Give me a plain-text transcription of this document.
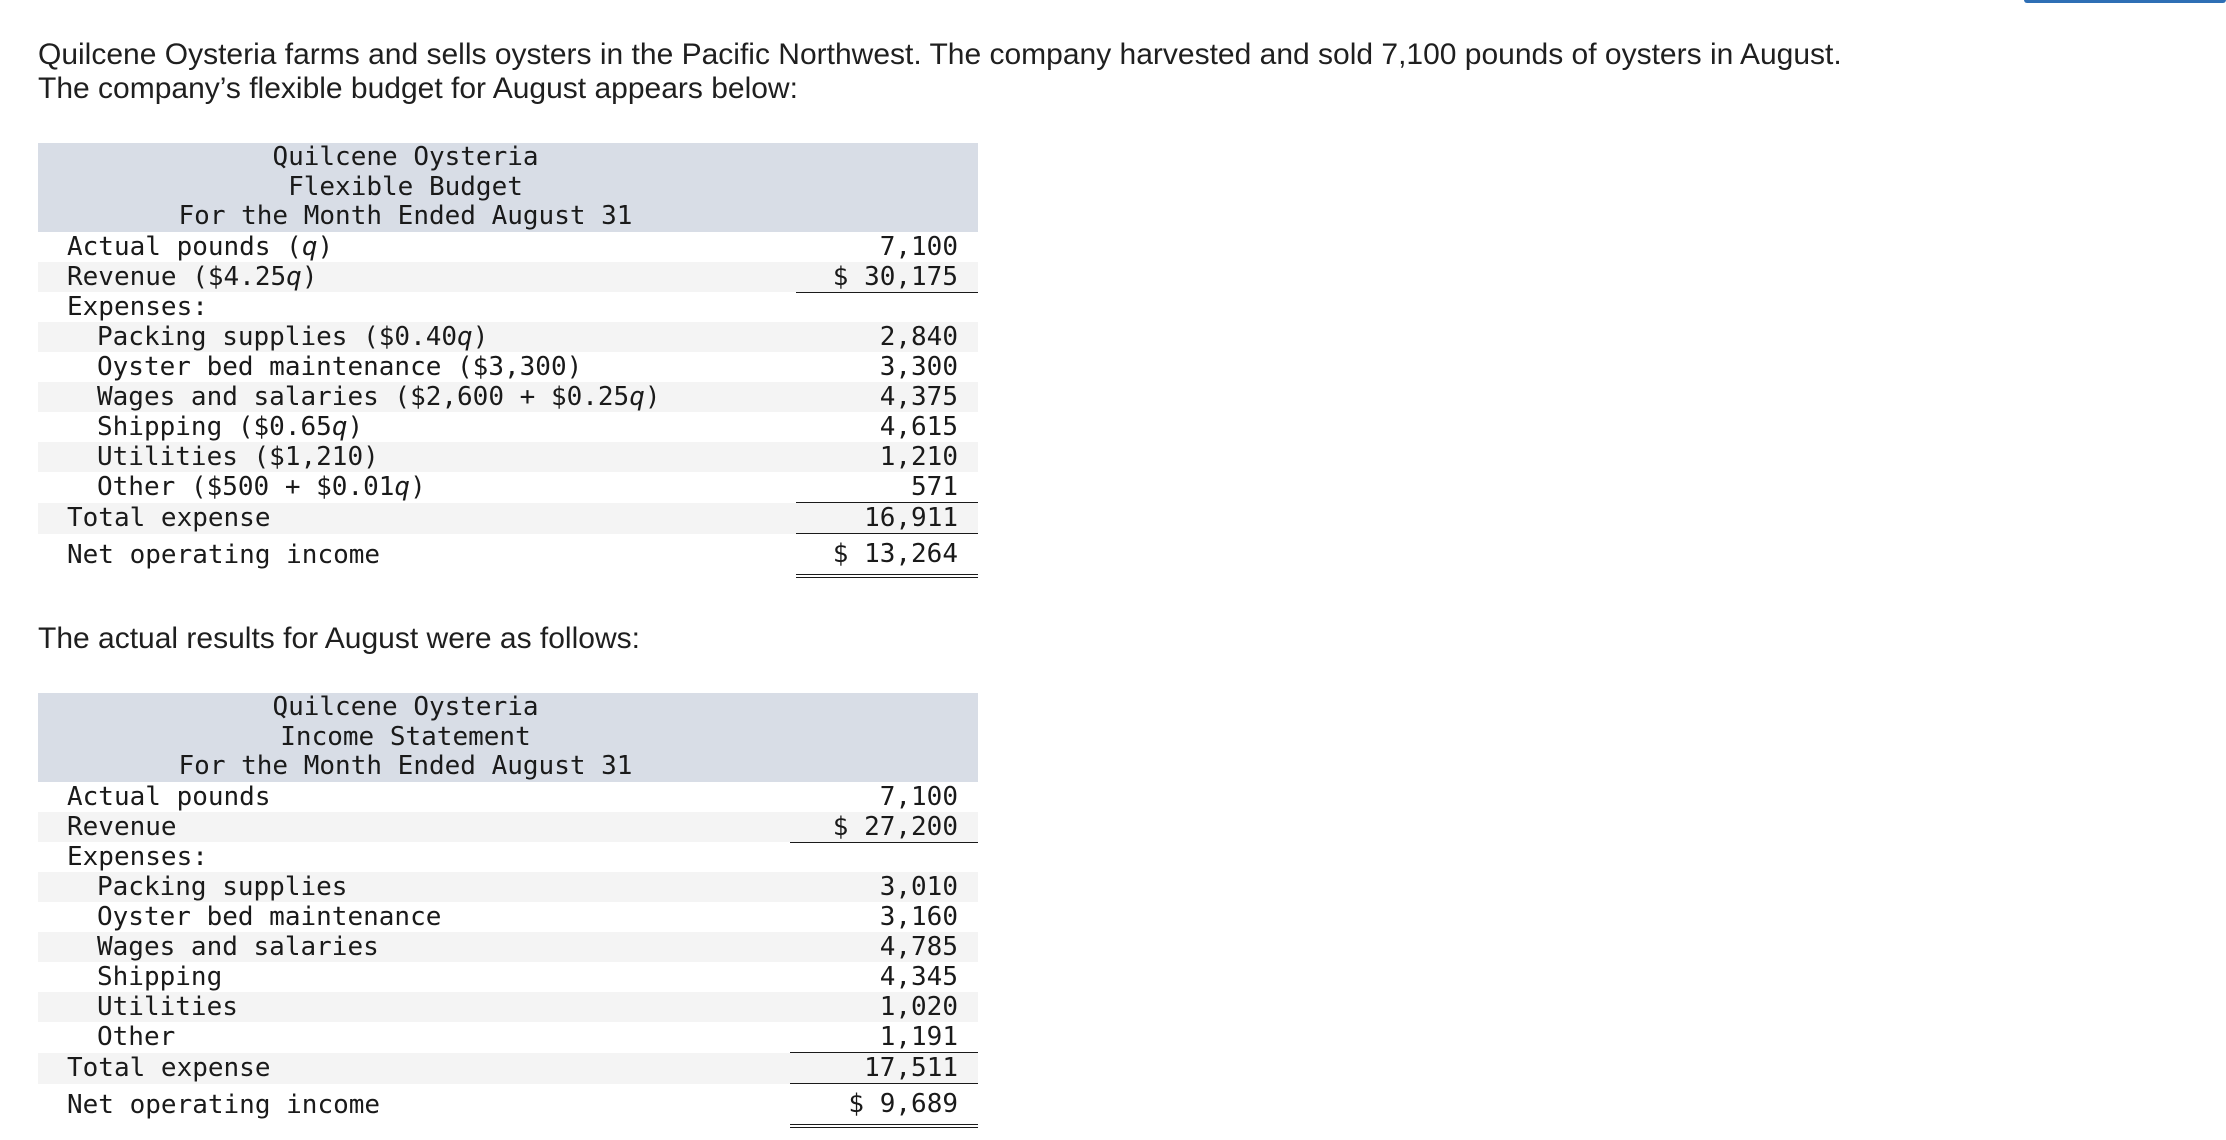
Quilcene Oysteria farms and sells oysters in the Pacific Northwest. The company harvested and sold 7,100 pounds of oysters in August. The company’s flexible budget for August appears below:

Quilcene Oysteria	

Flexible Budget	

For the Month Ended August 31	

Actual pounds (q)	7,100
Revenue ($4.25q)	$ 30,175
Expenses:	
Packing supplies ($0.40q)	2,840
Oyster bed maintenance ($3,300)	3,300
Wages and salaries ($2,600 + $0.25q)	4,375
Shipping ($0.65q)	4,615
Utilities ($1,210)	1,210
Other ($500 + $0.01q)	571
Total expense	16,911
Net operating income	$ 13,264

The actual results for August were as follows:

Quilcene Oysteria	

Income Statement	

For the Month Ended August 31	

Actual pounds	7,100
Revenue	$ 27,200
Expenses:	
Packing supplies	3,010
Oyster bed maintenance	3,160
Wages and salaries	4,785
Shipping	4,345
Utilities	1,020
Other	1,191
Total expense	17,511
Net operating income	$ 9,689
